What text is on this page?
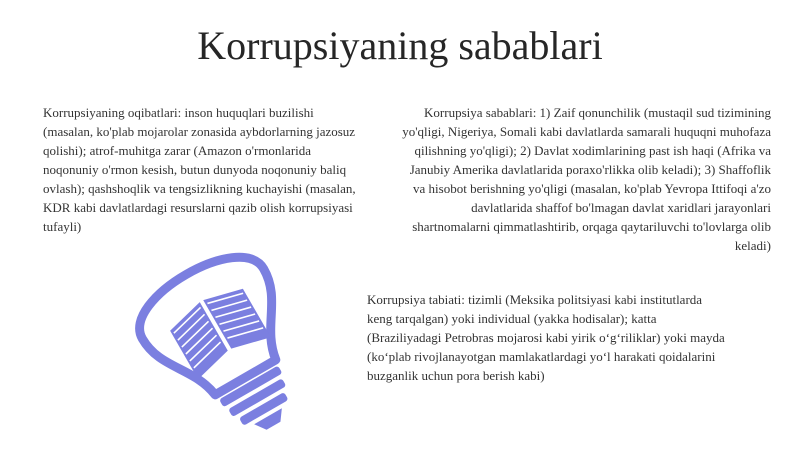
Korrupsiyaning sabablari
Korrupsiyaning oqibatlari: inson huquqlari buzilishi (masalan, ko'plab mojarolar zonasida aybdorlarning jazosuz qolishi); atrof-muhitga zarar (Amazon o'rmonlarida noqonuniy o'rmon kesish, butun dunyoda noqonuniy baliq ovlash); qashshoqlik va tengsizlikning kuchayishi (masalan, KDR kabi davlatlardagi resurslarni qazib olish korrupsiyasi tufayli)
Korrupsiya sabablari: 1) Zaif qonunchilik (mustaqil sud tizimining yo'qligi, Nigeriya, Somali kabi davlatlarda samarali huquqni muhofaza qilishning yo'qligi); 2) Davlat xodimlarining past ish haqi (Afrika va Janubiy Amerika davlatlarida poraxo'rlikka olib keladi); 3) Shaffoflik va hisobot berishning yo'qligi (masalan, ko'plab Yevropa Ittifoqi a'zo davlatlarida shaffof bo'lmagan davlat xaridlari jarayonlari shartnomalarni qimmatlashtirib, orqaga qaytariluvchi to'lovlarga olib keladi)
Korrupsiya tabiati: tizimli (Meksika politsiyasi kabi institutlarda keng tarqalgan) yoki individual (yakka hodisalar); katta (Braziliyadagi Petrobras mojarosi kabi yirik o‘g‘riliklar) yoki mayda (ko‘plab rivojlanayotgan mamlakatlardagi yo‘l harakati qoidalarini buzganlik uchun pora berish kabi)
